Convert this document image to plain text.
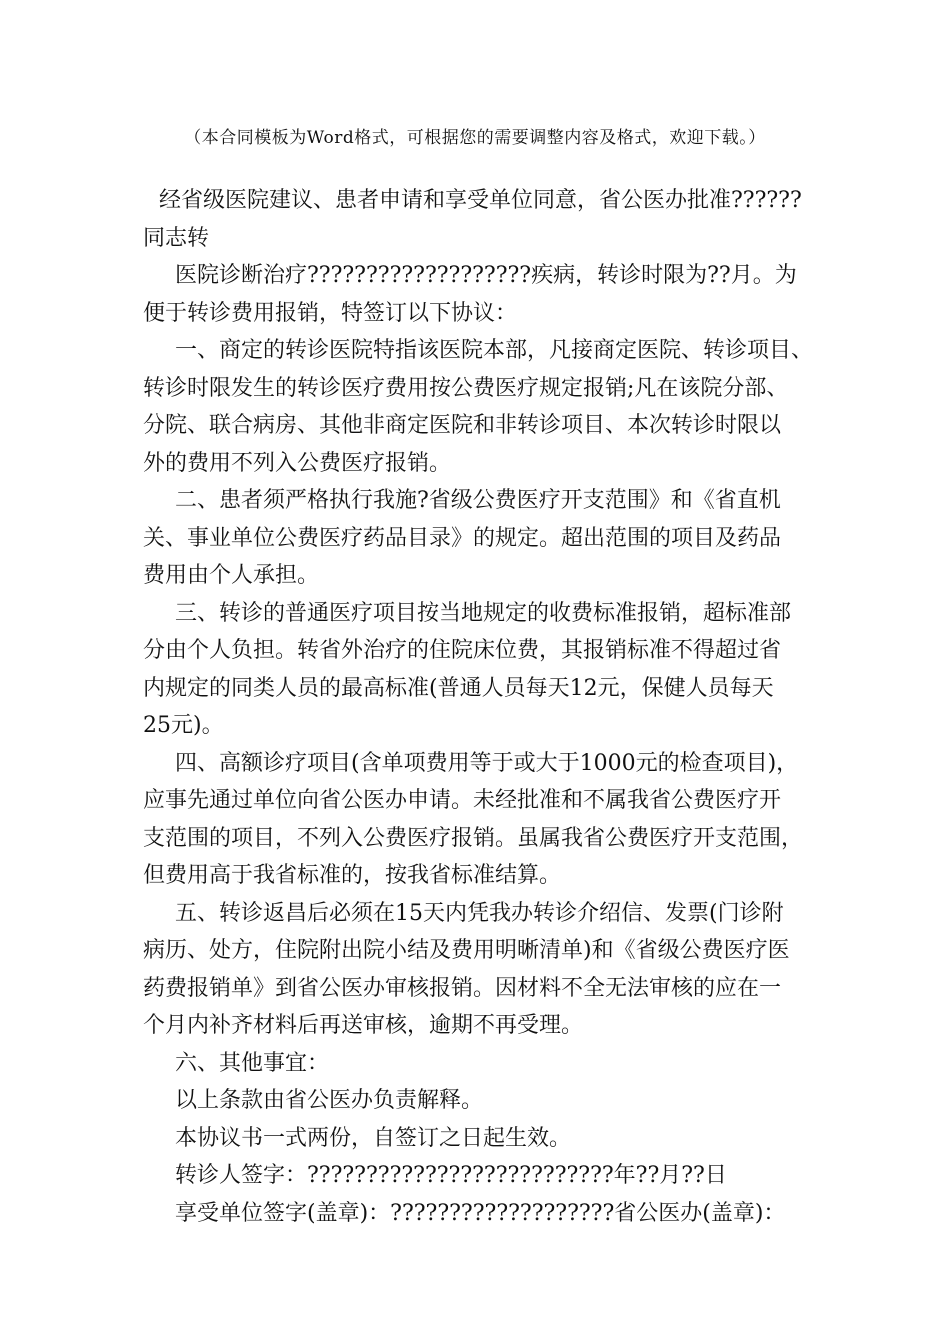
（本合同模板为Word格式，可根据您的需要调整内容及格式，欢迎下载。）

经省级医院建议、患者申请和享受单位同意，省公医办批准??????

同志转

医院诊断治疗???????????????????疾病，转诊时限为??月。为

便于转诊费用报销，特签订以下协议：

一、商定的转诊医院特指该医院本部，凡接商定医院、转诊项目、

转诊时限发生的转诊医疗费用按公费医疗规定报销;凡在该院分部、
分院、联合病房、其他非商定医院和非转诊项目、本次转诊时限以
外的费用不列入公费医疗报销。

二、患者须严格执行我施?省级公费医疗开支范围》和《省直机

关、事业单位公费医疗药品目录》的规定。超出范围的项目及药品
费用由个人承担。

三、转诊的普通医疗项目按当地规定的收费标准报销，超标准部

分由个人负担。转省外治疗的住院床位费，其报销标准不得超过省
内规定的同类人员的最高标准(普通人员每天12元，保健人员每天
25元)。

四、高额诊疗项目(含单项费用等于或大于1000元的检查项目)，

应事先通过单位向省公医办申请。未经批准和不属我省公费医疗开
支范围的项目，不列入公费医疗报销。虽属我省公费医疗开支范围，
但费用高于我省标准的，按我省标准结算。

五、转诊返昌后必须在15天内凭我办转诊介绍信、发票(门诊附

病历、处方，住院附出院小结及费用明晰清单)和《省级公费医疗医
药费报销单》到省公医办审核报销。因材料不全无法审核的应在一
个月内补齐材料后再送审核，逾期不再受理。

六、其他事宜：

以上条款由省公医办负责解释。

本协议书一式两份，自签订之日起生效。

转诊人签字：??????????????????????????年??月??日

享受单位签字(盖章)：???????????????????省公医办(盖章)：
